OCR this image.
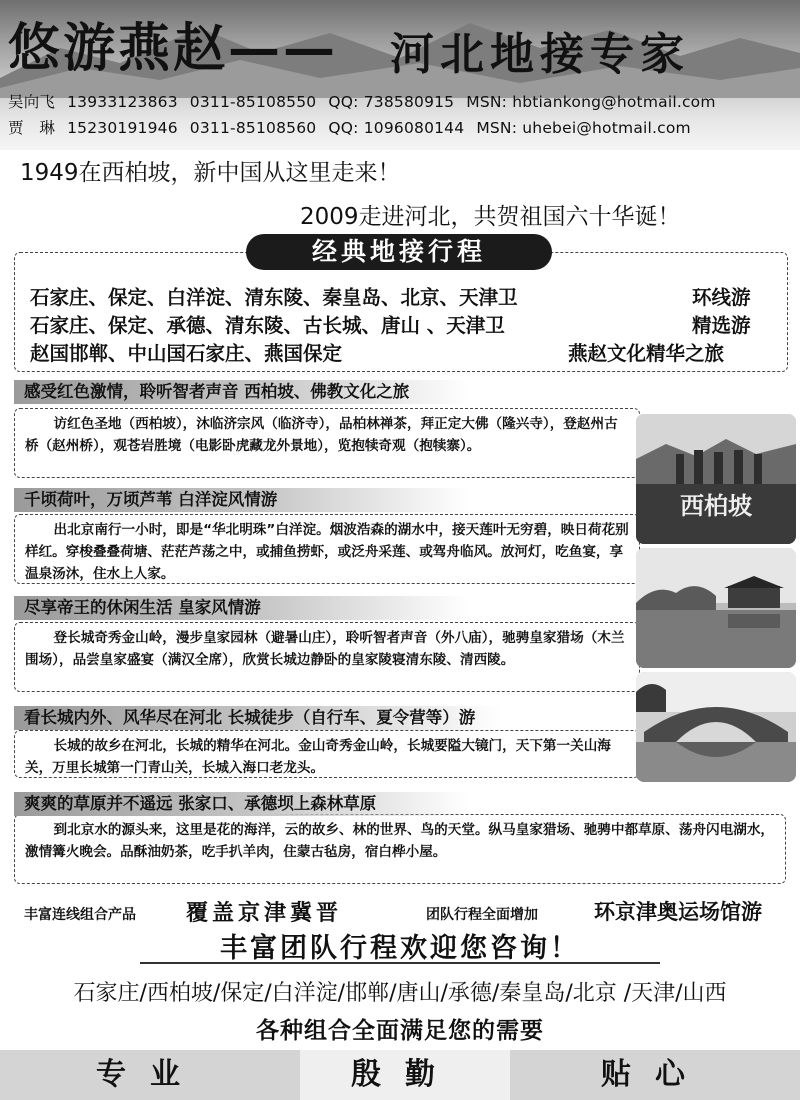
悠游燕赵—— 河北地接专家
吴向飞 13933123863 0311-85108550 QQ: 738580915 MSN: hbtiankong@hotmail.com
贾　琳 15230191946 0311-85108560 QQ: 1096080144 MSN: uhebei@hotmail.com
1949在西柏坡，新中国从这里走来！
2009走进河北，共贺祖国六十华诞！
经典地接行程
石家庄、保定、白洋淀、清东陵、秦皇岛、北京、天津卫	环线游
石家庄、保定、承德、清东陵、古长城、唐山 、天津卫	精选游
赵国邯郸、中山国石家庄、燕国保定	燕赵文化精华之旅
访红色圣地（西柏坡），沐临济宗风（临济寺），品柏林禅茶，拜正定大佛（隆兴寺），登赵州古桥（赵州桥），观苍岩胜境（电影卧虎藏龙外景地），览抱犊奇观（抱犊寨）。
感受红色激情，聆听智者声音 西柏坡、佛教文化之旅
出北京南行一小时，即是“华北明珠”白洋淀。烟波浩森的湖水中，接天莲叶无穷碧，映日荷花别样红。穿梭叠叠荷塘、茫茫芦荡之中，或捕鱼捞虾，或泛舟采莲、或驾舟临风。放河灯，吃鱼宴，享温泉汤沐，住水上人家。
千顷荷叶，万顷芦苇 白洋淀风情游
登长城奇秀金山岭，漫步皇家园林（避暑山庄），聆听智者声音（外八庙），驰骋皇家猎场（木兰围场），品尝皇家盛宴（满汉全席），欣赏长城边静卧的皇家陵寝清东陵、清西陵。
尽享帝王的休闲生活 皇家风情游
长城的故乡在河北，长城的精华在河北。金山奇秀金山岭，长城要隘大镜门，天下第一关山海关，万里长城第一门青山关，长城入海口老龙头。
看长城内外、风华尽在河北 长城徒步（自行车、夏令营等）游
到北京水的源头来，这里是花的海洋，云的故乡、林的世界、鸟的天堂。纵马皇家猎场、驰骋中都草原、荡舟闪电湖水，激情篝火晚会。品酥油奶茶，吃手扒羊肉，住蒙古毡房，宿白桦小屋。
爽爽的草原并不遥远 张家口、承德坝上森林草原
西柏坡
丰富连线组合产品 覆盖京津冀晋	团队行程全面增加	环京津奥运场馆游
丰富团队行程欢迎您咨询！
石家庄/西柏坡/保定/白洋淀/邯郸/唐山/承德/秦皇岛/北京 /天津/山西
各种组合全面满足您的需要
专业	殷勤	贴心
